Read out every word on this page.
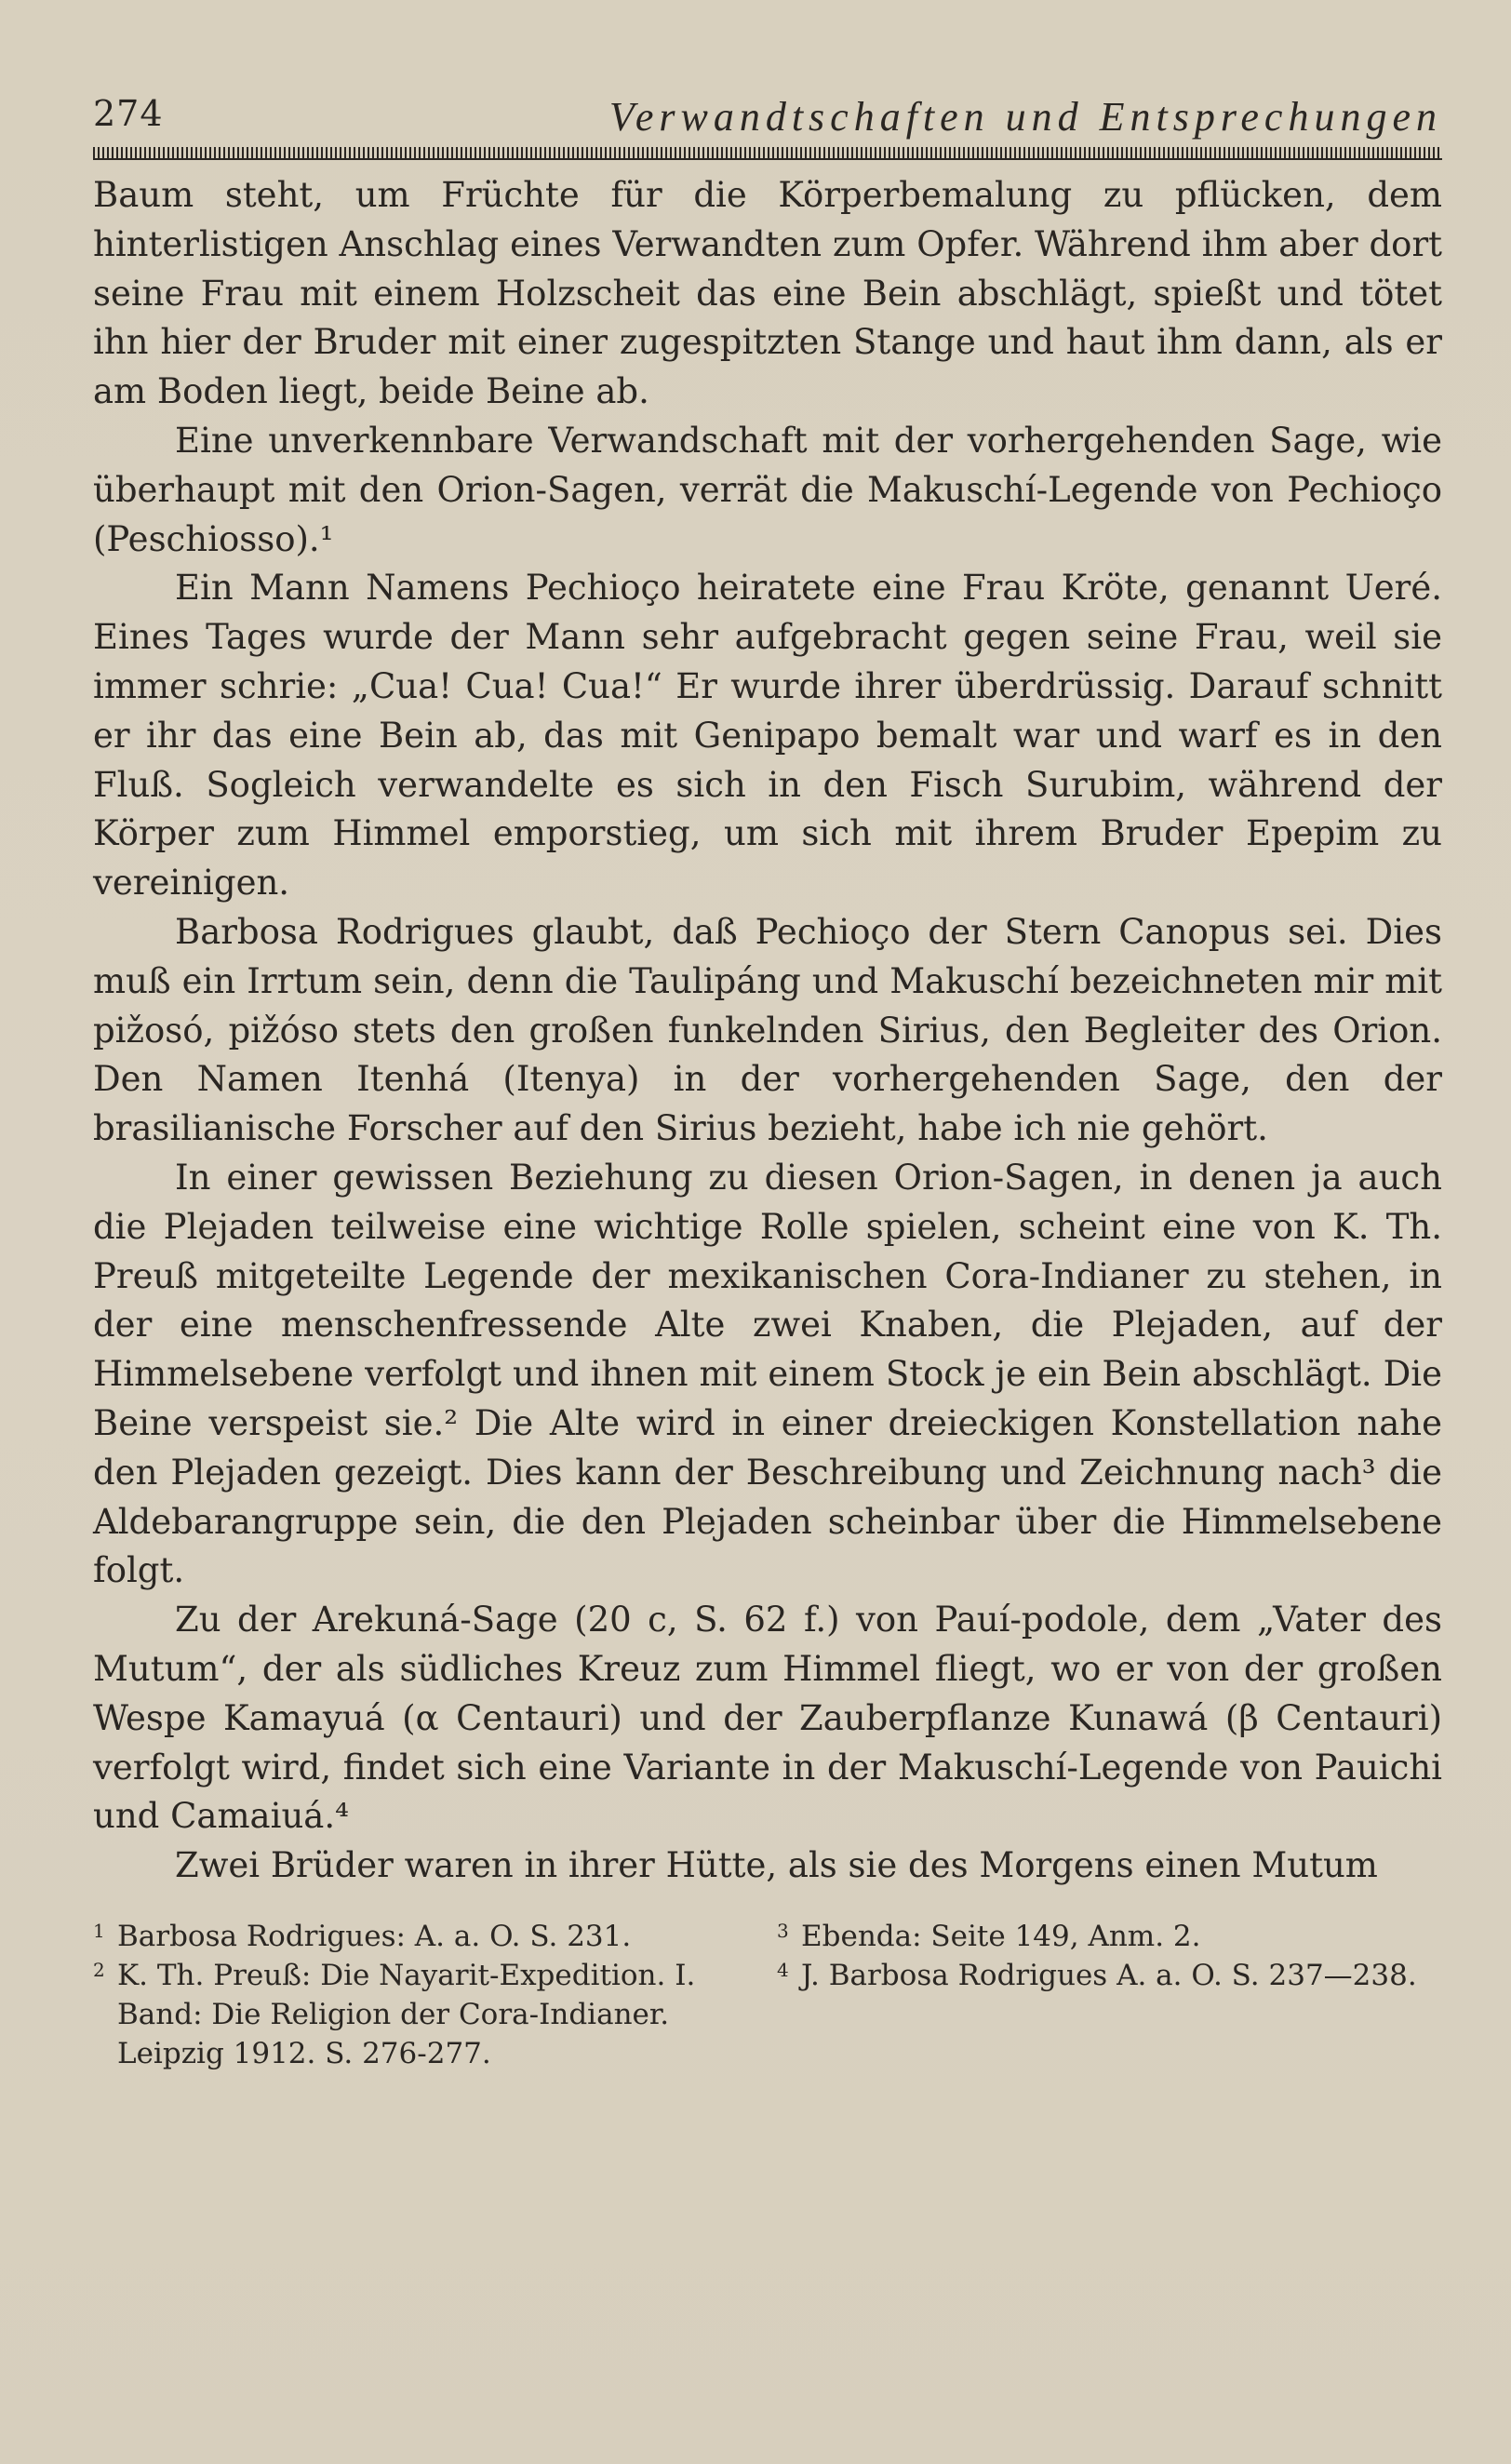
274	Verwandtschaften und Entsprechungen

Baum steht, um Früchte für die Körperbemalung zu pflücken, dem hinterlistigen Anschlag eines Verwandten zum Opfer. Während ihm aber dort seine Frau mit einem Holzscheit das eine Bein abschlägt, spießt und tötet ihn hier der Bruder mit einer zugespitzten Stange und haut ihm dann, als er am Boden liegt, beide Beine ab.

Eine unverkennbare Verwandschaft mit der vorhergehenden Sage, wie überhaupt mit den Orion-Sagen, verrät die Makuschí-Legende von Pechioço (Peschiosso).¹

Ein Mann Namens Pechioço heiratete eine Frau Kröte, genannt Ueré. Eines Tages wurde der Mann sehr aufgebracht gegen seine Frau, weil sie immer schrie: „Cua! Cua! Cua!“ Er wurde ihrer überdrüssig. Darauf schnitt er ihr das eine Bein ab, das mit Genipapo bemalt war und warf es in den Fluß. Sogleich verwandelte es sich in den Fisch Surubim, während der Körper zum Himmel emporstieg, um sich mit ihrem Bruder Epepim zu vereinigen.

Barbosa Rodrigues glaubt, daß Pechioço der Stern Canopus sei. Dies muß ein Irrtum sein, denn die Taulipáng und Makuschí bezeichneten mir mit pižosó, pižóso stets den großen funkelnden Sirius, den Begleiter des Orion. Den Namen Itenhá (Itenya) in der vorhergehenden Sage, den der brasilianische Forscher auf den Sirius bezieht, habe ich nie gehört.

In einer gewissen Beziehung zu diesen Orion-Sagen, in denen ja auch die Plejaden teilweise eine wichtige Rolle spielen, scheint eine von K. Th. Preuß mitgeteilte Legende der mexikanischen Cora-Indianer zu stehen, in der eine menschenfressende Alte zwei Knaben, die Plejaden, auf der Himmelsebene verfolgt und ihnen mit einem Stock je ein Bein abschlägt. Die Beine verspeist sie.² Die Alte wird in einer dreieckigen Konstellation nahe den Plejaden gezeigt. Dies kann der Beschreibung und Zeichnung nach³ die Aldebarangruppe sein, die den Plejaden scheinbar über die Himmelsebene folgt.

Zu der Arekuná-Sage (20 c, S. 62 f.) von Pauí-podole, dem „Vater des Mutum“, der als südliches Kreuz zum Himmel fliegt, wo er von der großen Wespe Kamayuá (α Centauri) und der Zauberpflanze Kunawá (β Centauri) verfolgt wird, findet sich eine Variante in der Makuschí-Legende von Pauichi und Camaiuá.⁴

Zwei Brüder waren in ihrer Hütte, als sie des Morgens einen Mutum

1 Barbosa Rodrigues: A. a. O. S. 231.

2 K. Th. Preuß: Die Nayarit-Expedition. I. Band: Die Religion der Cora-Indianer. Leipzig 1912. S. 276-277.

3 Ebenda: Seite 149, Anm. 2.

4 J. Barbosa Rodrigues A. a. O. S. 237—238.
